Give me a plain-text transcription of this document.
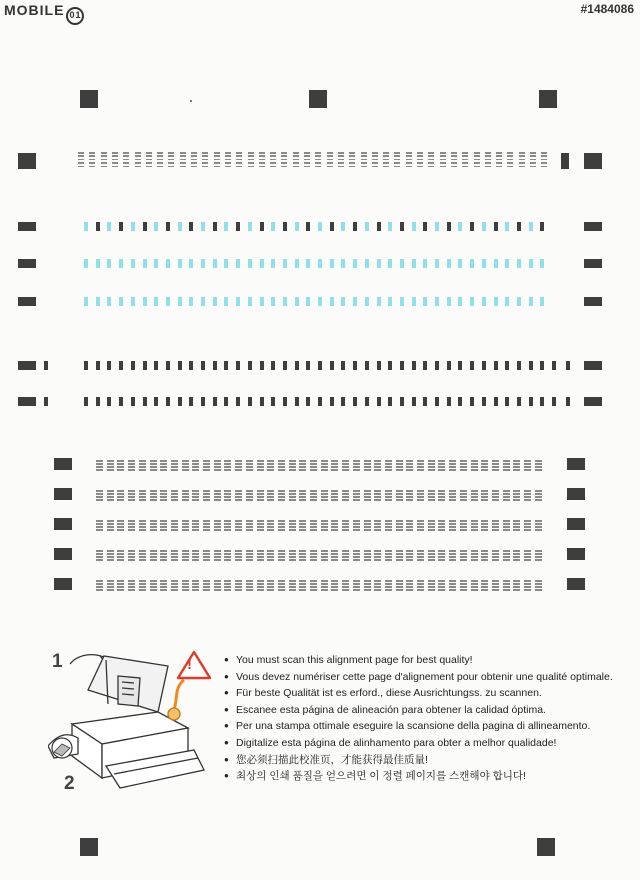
MOBILE 01	#1484086
!
1
2
● You must scan this alignment page for best quality!
● Vous devez numériser cette page d'alignement pour obtenir une qualité optimale.
● Für beste Qualität ist es erford., diese Ausrichtungss. zu scannen.
● Escanee esta página de alineación para obtener la calidad óptima.
● Per una stampa ottimale eseguire la scansione della pagina di allineamento.
● Digitalize esta página de alinhamento para obter a melhor qualidade!
● 您必须扫描此校准页，才能获得最佳质量!
● 최상의 인쇄 품질을 얻으려면 이 정렬 페이지를 스캔해야 합니다!
